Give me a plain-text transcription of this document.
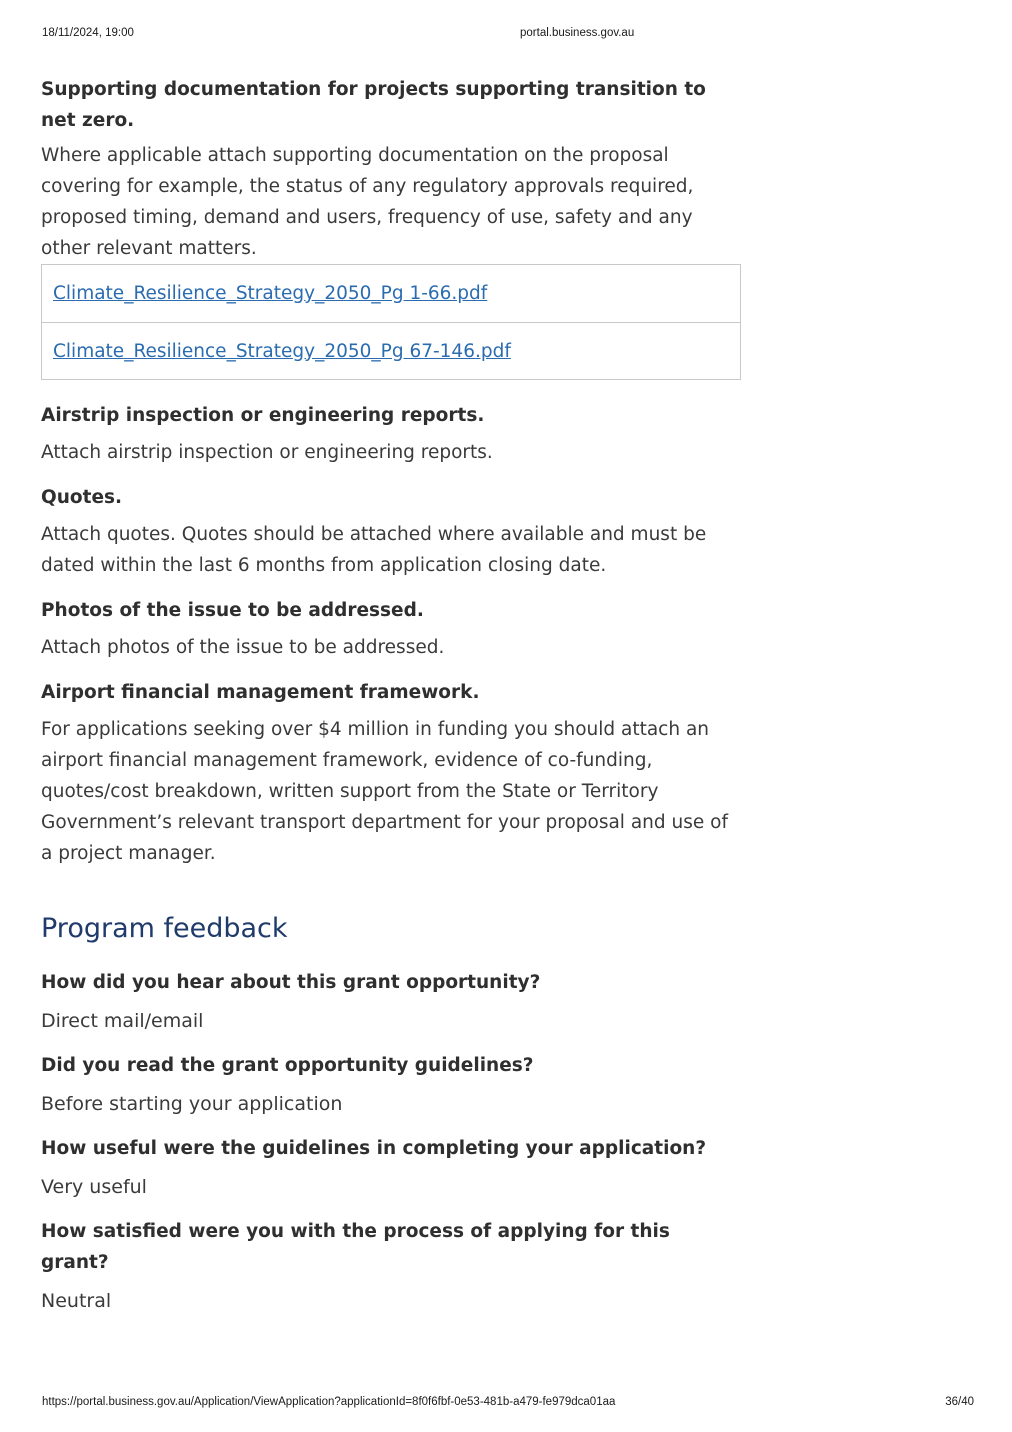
18/11/2024, 19:00	portal.business.gov.au

Supporting documentation for projects supporting transition to net zero.

Where applicable attach supporting documentation on the proposal covering for example, the status of any regulatory approvals required, proposed timing, demand and users, frequency of use, safety and any other relevant matters.

Climate_Resilience_Strategy_2050_Pg 1-66.pdf
Climate_Resilience_Strategy_2050_Pg 67-146.pdf

Airstrip inspection or engineering reports.

Attach airstrip inspection or engineering reports.

Quotes.

Attach quotes. Quotes should be attached where available and must be dated within the last 6 months from application closing date.

Photos of the issue to be addressed.

Attach photos of the issue to be addressed.

Airport financial management framework.

For applications seeking over $4 million in funding you should attach an airport financial management framework, evidence of co-funding, quotes/cost breakdown, written support from the State or Territory Government’s relevant transport department for your proposal and use of a project manager.

Program feedback

How did you hear about this grant opportunity?

Direct mail/email

Did you read the grant opportunity guidelines?

Before starting your application

How useful were the guidelines in completing your application?

Very useful

How satisfied were you with the process of applying for this grant?

Neutral

https://portal.business.gov.au/Application/ViewApplication?applicationId=8f0f6fbf-0e53-481b-a479-fe979dca01aa	36/40
